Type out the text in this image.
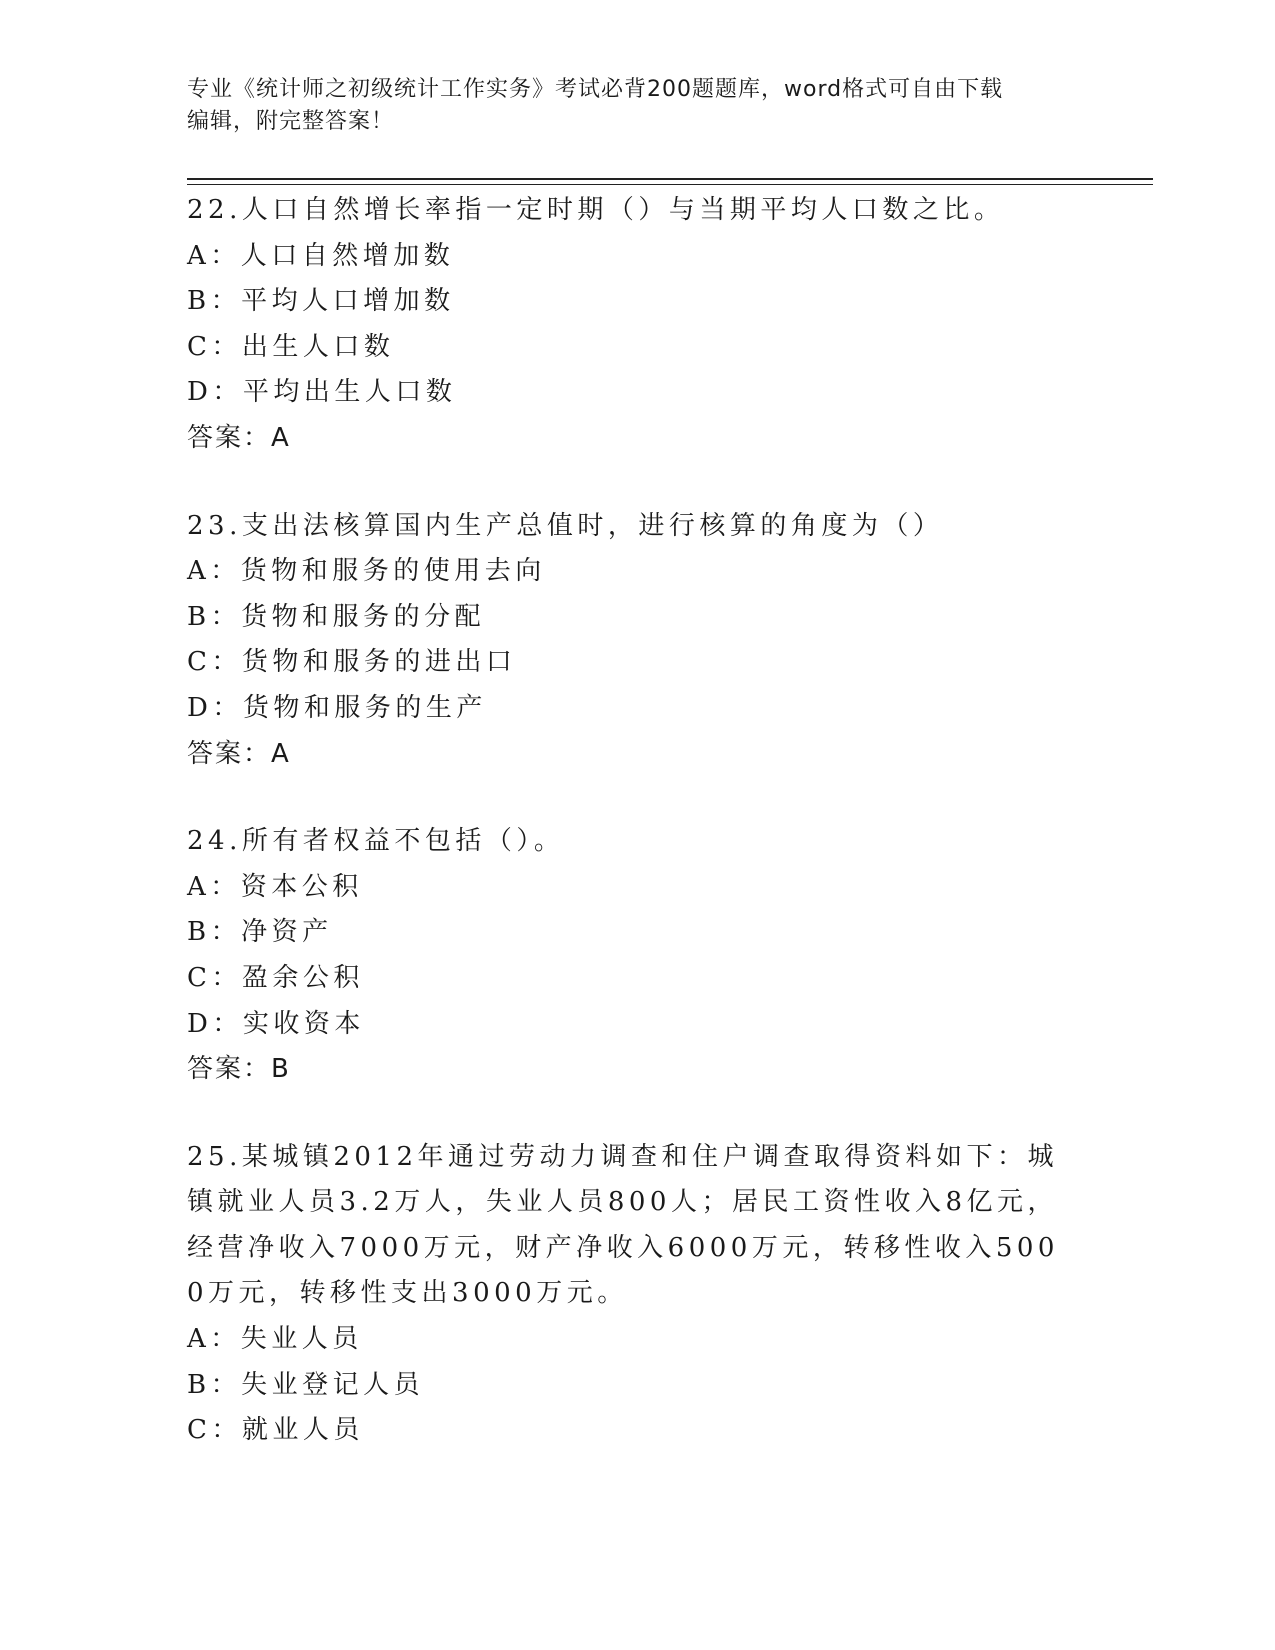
专业《统计师之初级统计工作实务》考试必背200题题库，word格式可自由下载
编辑，附完整答案！
22.人口自然增长率指一定时期（）与当期平均人口数之比。
A：人口自然增加数
B：平均人口增加数
C：出生人口数
D：平均出生人口数
答案：A
23.支出法核算国内生产总值时，进行核算的角度为（）
A：货物和服务的使用去向
B：货物和服务的分配
C：货物和服务的进出口
D：货物和服务的生产
答案：A
24.所有者权益不包括（）。
A：资本公积
B：净资产
C：盈余公积
D：实收资本
答案：B
25.某城镇2012年通过劳动力调查和住户调查取得资料如下：城镇就业人员3.2万人，失业人员800人；居民工资性收入8亿元，经营净收入7000万元，财产净收入6000万元，转移性收入5000万元，转移性支出3000万元。
A：失业人员
B：失业登记人员
C：就业人员
